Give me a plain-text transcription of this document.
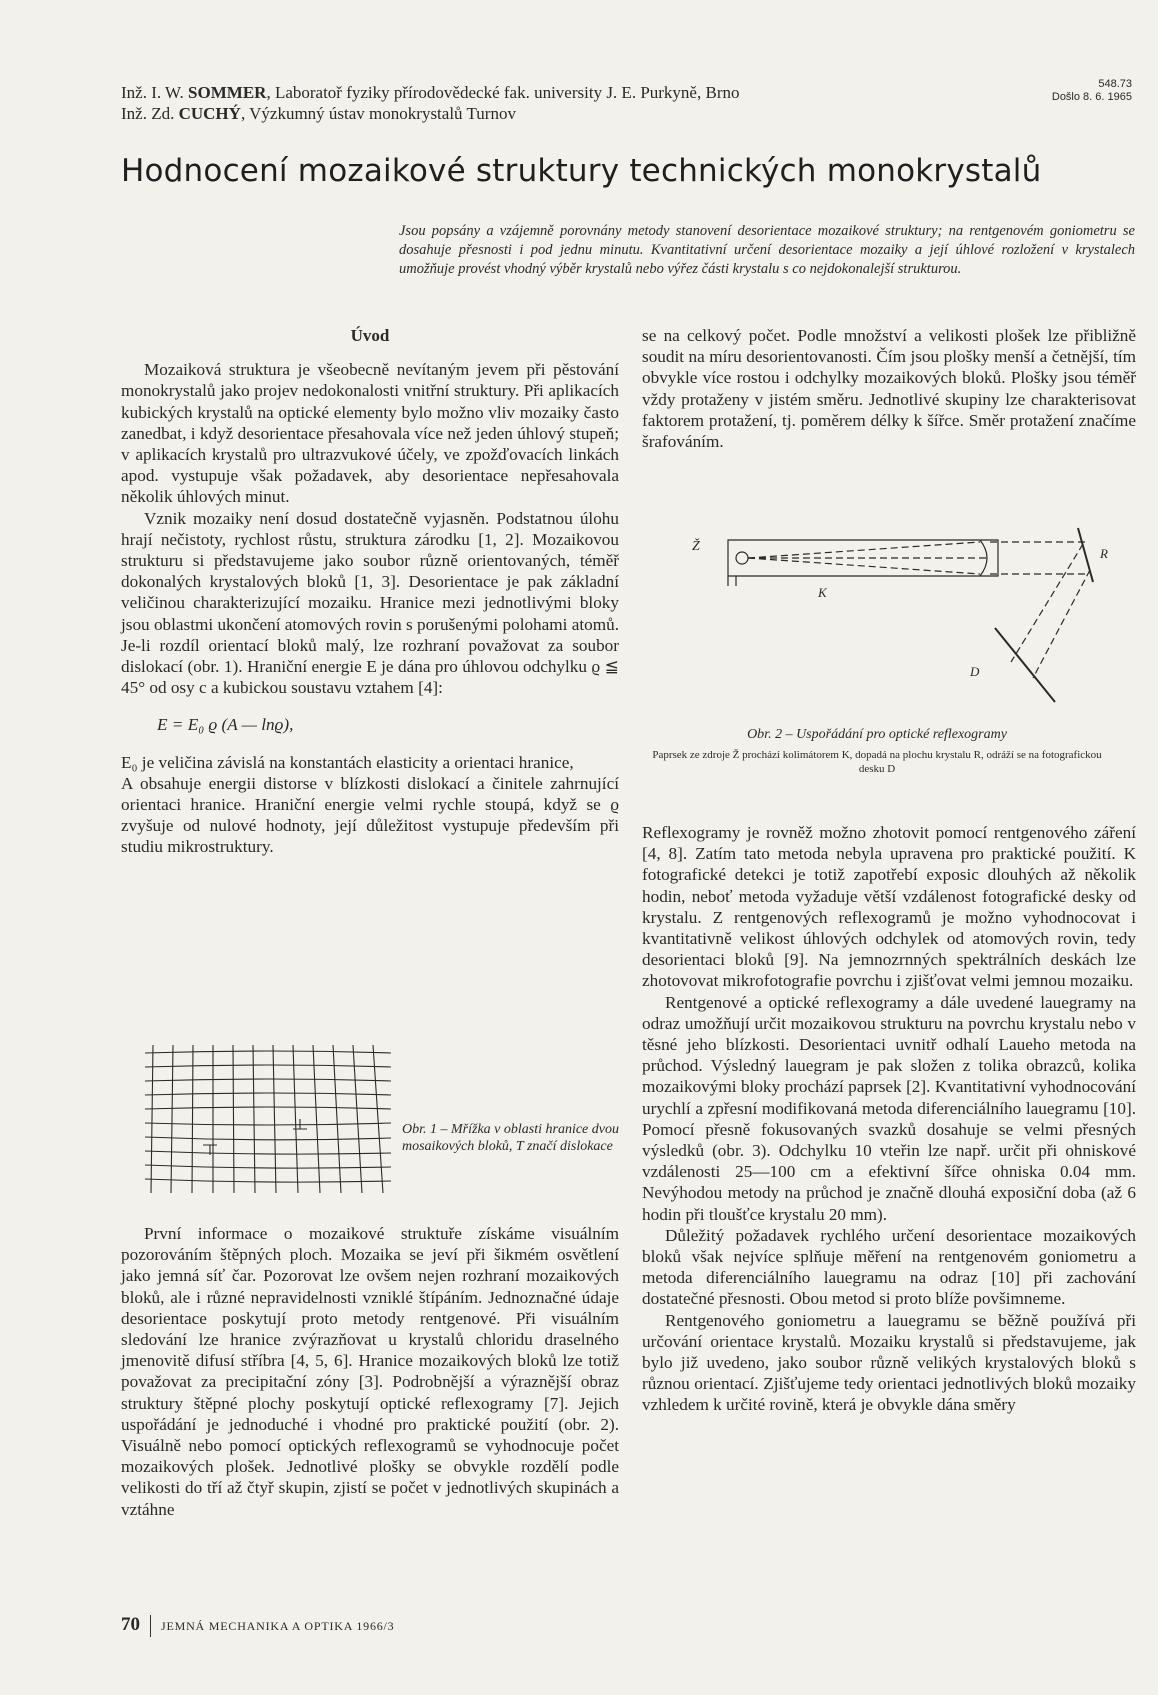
Inž. I. W. SOMMER, Laboratoř fyziky přírodovědecké fak. university J. E. Purkyně, Brno
Inž. Zd. CUCHÝ, Výzkumný ústav monokrystalů Turnov
548.73
Došlo 8. 6. 1965
Hodnocení mozaikové struktury technických monokrystalů
Jsou popsány a vzájemně porovnány metody stanovení desorientace mozaikové struktury; na rentgenovém goniometru se dosahuje přesnosti i pod jednu minutu. Kvantitativní určení desorientace mozaiky a její úhlové rozložení v krystalech umožňuje provést vhodný výběr krystalů nebo výřez části krystalu s co nejdokonalejší strukturou.

Úvod

Mozaiková struktura je všeobecně nevítaným jevem při pěstování monokrystalů jako projev nedokonalosti vnitřní struktury. Při aplikacích kubických krystalů na optické elementy bylo možno vliv mozaiky často zanedbat, i když desorientace přesahovala více než jeden úhlový stupeň; v aplikacích krystalů pro ultrazvukové účely, ve zpožďovacích linkách apod. vystupuje však požadavek, aby desorientace nepřesahovala několik úhlových minut.

Vznik mozaiky není dosud dostatečně vyjasněn. Podstatnou úlohu hrají nečistoty, rychlost růstu, struktura zárodku [1, 2]. Mozaikovou strukturu si představujeme jako soubor různě orientovaných, téměř dokonalých krystalových bloků [1, 3]. Desorientace je pak základní veličinou charakterizující mozaiku. Hranice mezi jednotlivými bloky jsou oblastmi ukončení atomových rovin s porušenými polohami atomů. Je-li rozdíl orientací bloků malý, lze rozhraní považovat za soubor dislokací (obr. 1). Hraniční energie E je dána pro úhlovou odchylku ϱ ≦ 45° od osy c a kubickou soustavu vztahem [4]:

E = E₀ ϱ (A — lnϱ),

E₀ je veličina závislá na konstantách elasticity a orientaci hranice,

A obsahuje energii distorse v blízkosti dislokací a činitele zahrnující orientaci hranice. Hraniční energie velmi rychle stoupá, když se ϱ zvyšuje od nulové hodnoty, její důležitost vystupuje především při studiu mikrostruktury.

Obr. 1 – Mřížka v oblasti hranice dvou mosaikových bloků, T značí dislokace

První informace o mozaikové struktuře získáme visuálním pozorováním štěpných ploch. Mozaika se jeví při šikmém osvětlení jako jemná síť čar. Pozorovat lze ovšem nejen rozhraní mozaikových bloků, ale i různé nepravidelnosti vzniklé štípáním. Jednoznačné údaje desorientace poskytují proto metody rentgenové. Při visuálním sledování lze hranice zvýrazňovat u krystalů chloridu draselného jmenovitě difusí stříbra [4, 5, 6]. Hranice mozaikových bloků lze totiž považovat za precipitační zóny [3]. Podrobnější a výraznější obraz struktury štěpné plochy poskytují optické reflexogramy [7]. Jejich uspořádání je jednoduché i vhodné pro praktické použití (obr. 2). Visuálně nebo pomocí optických reflexogramů se vyhodnocuje počet mozaikových plošek. Jednotlivé plošky se obvykle rozdělí podle velikosti do tří až čtyř skupin, zjistí se počet v jednotlivých skupinách a vztáhne

se na celkový počet. Podle množství a velikosti plošek lze přibližně soudit na míru desorientovanosti. Čím jsou plošky menší a četnější, tím obvykle více rostou i odchylky mozaikových bloků. Plošky jsou téměř vždy protaženy v jistém směru. Jednotlivé skupiny lze charakterisovat faktorem protažení, tj. poměrem délky k šířce. Směr protažení značíme šrafováním.

Ž
K
R
D
Obr. 2 – Uspořádání pro optické reflexogramy
Paprsek ze zdroje Ž prochází kolimátorem K, dopadá na plochu krystalu R, odráží se na fotografickou desku D

Reflexogramy je rovněž možno zhotovit pomocí rentgenového záření [4, 8]. Zatím tato metoda nebyla upravena pro praktické použití. K fotografické detekci je totiž zapotřebí exposic dlouhých až několik hodin, neboť metoda vyžaduje větší vzdálenost fotografické desky od krystalu. Z rentgenových reflexogramů je možno vyhodnocovat i kvantitativně velikost úhlových odchylek od atomových rovin, tedy desorientaci bloků [9]. Na jemnozrnných spektrálních deskách lze zhotovovat mikrofotografie povrchu i zjišťovat velmi jemnou mozaiku.

Rentgenové a optické reflexogramy a dále uvedené lauegramy na odraz umožňují určit mozaikovou strukturu na povrchu krystalu nebo v těsné jeho blízkosti. Desorientaci uvnitř odhalí Laueho metoda na průchod. Výsledný lauegram je pak složen z tolika obrazců, kolika mozaikovými bloky prochází paprsek [2]. Kvantitativní vyhodnocování urychlí a zpřesní modifikovaná metoda diferenciálního lauegramu [10]. Pomocí přesně fokusovaných svazků dosahuje se velmi přesných výsledků (obr. 3). Odchylku 10 vteřin lze např. určit při ohniskové vzdálenosti 25—100 cm a efektivní šířce ohniska 0.04 mm. Nevýhodou metody na průchod je značně dlouhá exposiční doba (až 6 hodin při tloušťce krystalu 20 mm).

Důležitý požadavek rychlého určení desorientace mozaikových bloků však nejvíce splňuje měření na rentgenovém goniometru a metoda diferenciálního lauegramu na odraz [10] při zachování dostatečné přesnosti. Obou metod si proto blíže povšimneme.

Rentgenového goniometru a lauegramu se běžně používá při určování orientace krystalů. Mozaiku krystalů si představujeme, jak bylo již uvedeno, jako soubor různě velikých krystalových bloků s různou orientací. Zjišťujeme tedy orientaci jednotlivých bloků mozaiky vzhledem k určité rovině, která je obvykle dána směry

70 JEMNÁ MECHANIKA A OPTIKA 1966/3
